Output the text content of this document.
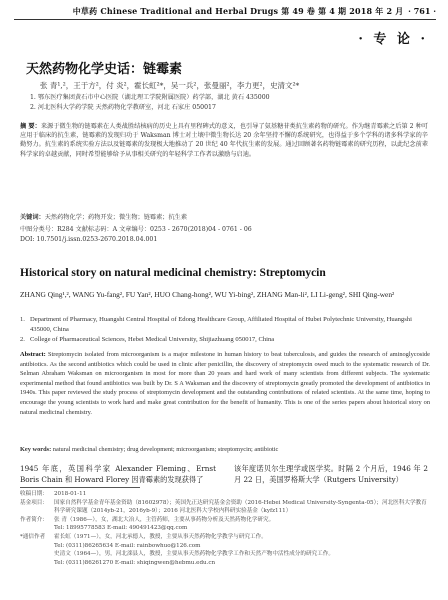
中草药 Chinese Traditional and Herbal Drugs 第 49 卷 第 4 期 2018 年 2 月 · 761 ·
· 专 论 ·
天然药物化学史话：链霉素
张 青¹,²，王于方²，付 炎²，霍长虹²*，吴一兵²，张曼丽²，李力更²，史清文²*
1. 鄂东医疗集团黄石市中心医院（湖北理工学院附属医院）药学部，湖北 黄石 435000
2. 河北医科大学药学院 天然药物化学教研室，河北 石家庄 050017
摘 要：来源于微生物的链霉素在人类战胜结核病的历史上具有里程碑式的意义，也引导了氨基糖苷类抗生素药物的研究。作为继青霉素之后第 2 种可应用于临床的抗生素，链霉素的发现归功于 Waksman 博士对土壤中微生物长达 20 余年坚持不懈的系统研究，也得益于多个学科的诸多科学家的辛勤努力。抗生素的系统实验方法以及链霉素的发现极大地推动了 20 世纪 40 年代抗生素的发展。通过回顾著名药物链霉素的研究历程，以此纪念前辈科学家的卓越贡献，同时希望能够给予从事相关研究的年轻科学工作者以激励与启迪。
关键词：天然药物化学；药物开发；微生物；链霉素；抗生素
中图分类号：R284 文献标志码：A 文章编号：0253 - 2670(2018)04 - 0761 - 06
DOI: 10.7501/j.issn.0253-2670.2018.04.001
Historical story on natural medicinal chemistry: Streptomycin
ZHANG Qing¹,², WANG Yu-fang², FU Yan², HUO Chang-hong², WU Yi-bing², ZHANG Man-li², LI Li-geng², SHI Qing-wen²
1. Department of Pharmacy, Huangshi Central Hospital of Edong Healthcare Group, Affiliated Hospital of Hubei Polytechnic University, Huangshi 435000, China
2. College of Pharmaceutical Sciences, Hebei Medical University, Shijiazhuang 050017, China
Abstract: Streptomycin isolated from microorganism is a major milestone in human history to beat tuberculosis, and guides the research of aminoglycoside antibiotics. As the second antibiotics which could be used in clinic after penicillin, the discovery of streptomycin owed much to the systematic research of Dr. Selman Abraham Waksman on microorganism in most for more than 20 years and hard work of many scientists from different subjects. The systematic experimental method that found antibiotics was built by Dr. S A Waksman and the discovery of streptomycin greatly promoted the development of antibiotics in 1940s. This paper reviewed the study process of streptomycin development and the outstanding contributions of related scientists. At the same time, hoping to encourage the young scientists to work hard and make great contribution for the benefit of humanity. This is one of the series papers about historical story on natural medicinal chemistry.
Key words: natural medicinal chemistry; drug development; microorganism; streptomycin; antibiotic
1945 年底，英国科学家 Alexander Fleming、Ernst Boris Chain 和 Howard Florey 因青霉素的发现获得了
该年度诺贝尔生理学或医学奖。时隔 2 个月后，1946 年 2 月 22 日，美国罗格斯大学（Rutgers University）
收稿日期：	2018-01-11
基金项目：	国家自然科学基金青年基金资助（81602978）；英国先正达研究基金会资助（2016-Hebei Medical University-Syngenta-05）；河北医科大学教育科学研究课题（2014yb-21，2016yb-9）；2016 河北医科大学校内科研实验基金（kyfz111）
作者简介：	张 青（1986—），女，湖北大冶人，主管药师，主要从事药物分析及天然药物化学研究。
Tel: 18995778583 E-mail: 490491423@qq.com
*通信作者	霍长虹（1971—），女，河北承德人，教授，主要从事天然药物化学教学与研究工作。
Tel: (0311)86265634 E-mail: rainbowhuo@126.com
史清文（1964—），男，河北滦县人，教授，主要从事天然药物化学教学工作和天然产物中活性成分的研究工作。
Tel: (0311)86261270 E-mail: shiqingwen@hebmu.edu.cn
